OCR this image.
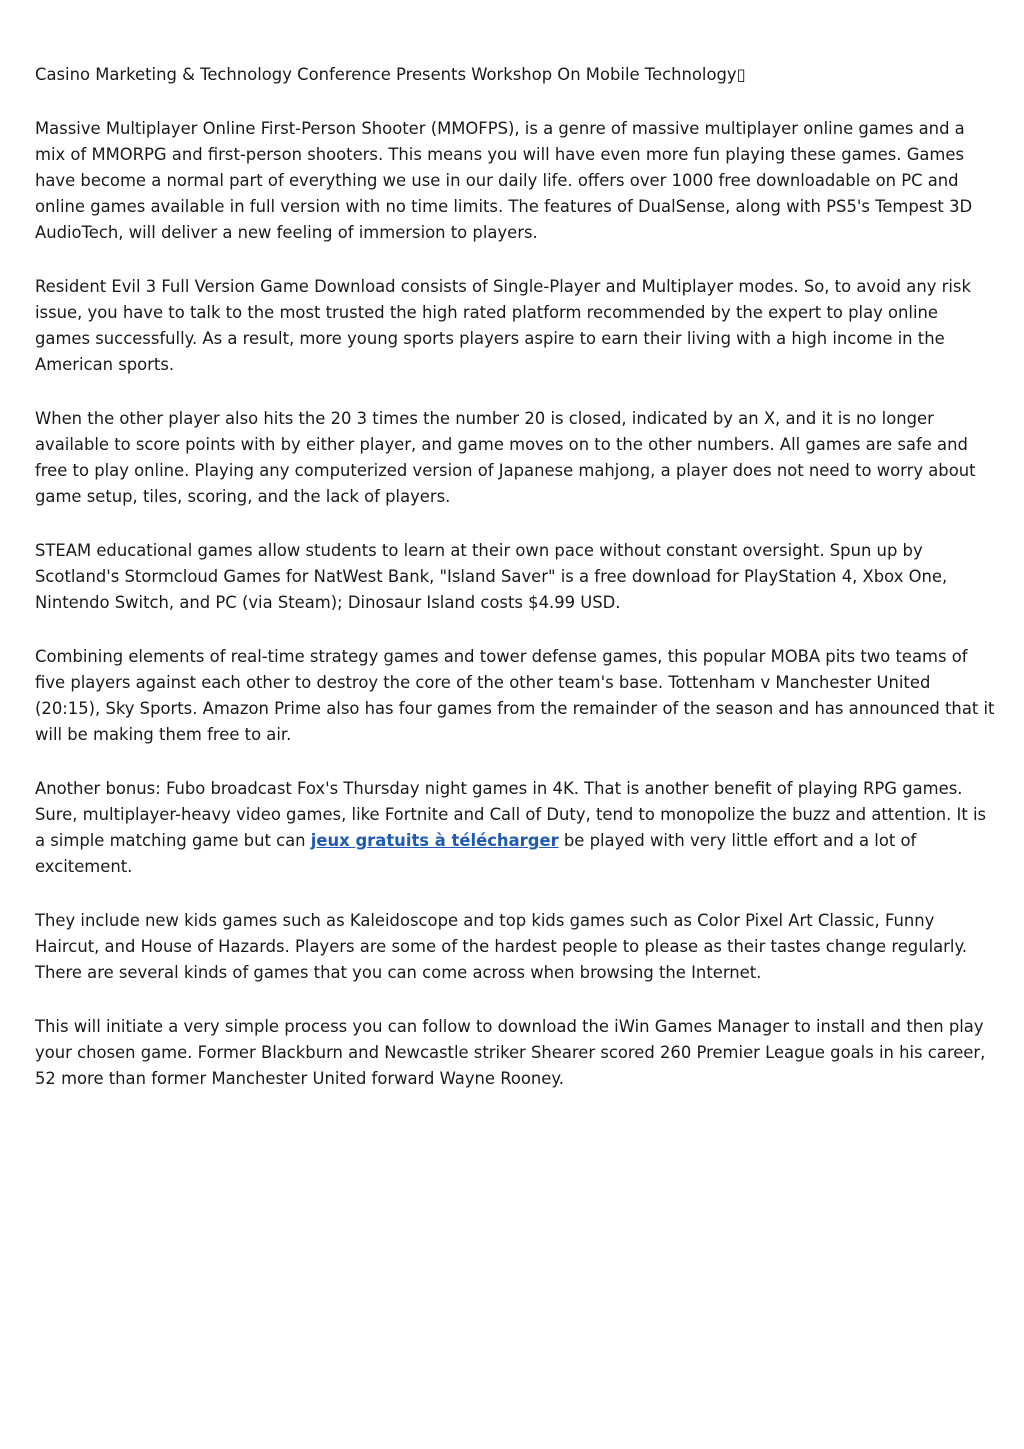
Casino Marketing & Technology Conference Presents Workshop On Mobile Technology▯

Massive Multiplayer Online First-Person Shooter (MMOFPS), is a genre of massive multiplayer online games and a mix of MMORPG and first-person shooters. This means you will have even more fun playing these games. Games have become a normal part of everything we use in our daily life. offers over 1000 free downloadable on PC and online games available in full version with no time limits. The features of DualSense, along with PS5's Tempest 3D AudioTech, will deliver a new feeling of immersion to players.

Resident Evil 3 Full Version Game Download consists of Single-Player and Multiplayer modes. So, to avoid any risk issue, you have to talk to the most trusted the high rated platform recommended by the expert to play online games successfully. As a result, more young sports players aspire to earn their living with a high income in the American sports.

When the other player also hits the 20 3 times the number 20 is closed, indicated by an X, and it is no longer available to score points with by either player, and game moves on to the other numbers. All games are safe and free to play online. Playing any computerized version of Japanese mahjong, a player does not need to worry about game setup, tiles, scoring, and the lack of players.

STEAM educational games allow students to learn at their own pace without constant oversight. Spun up by Scotland's Stormcloud Games for NatWest Bank, "Island Saver" is a free download for PlayStation 4, Xbox One, Nintendo Switch, and PC (via Steam); Dinosaur Island costs $4.99 USD.

Combining elements of real-time strategy games and tower defense games, this popular MOBA pits two teams of five players against each other to destroy the core of the other team's base. Tottenham v Manchester United (20:15), Sky Sports. Amazon Prime also has four games from the remainder of the season and has announced that it will be making them free to air.

Another bonus: Fubo broadcast Fox's Thursday night games in 4K. That is another benefit of playing RPG games. Sure, multiplayer-heavy video games, like Fortnite and Call of Duty, tend to monopolize the buzz and attention. It is a simple matching game but can jeux gratuits à télécharger be played with very little effort and a lot of excitement.

They include new kids games such as Kaleidoscope and top kids games such as Color Pixel Art Classic, Funny Haircut, and House of Hazards. Players are some of the hardest people to please as their tastes change regularly. There are several kinds of games that you can come across when browsing the Internet.

This will initiate a very simple process you can follow to download the iWin Games Manager to install and then play your chosen game. Former Blackburn and Newcastle striker Shearer scored 260 Premier League goals in his career, 52 more than former Manchester United forward Wayne Rooney.
